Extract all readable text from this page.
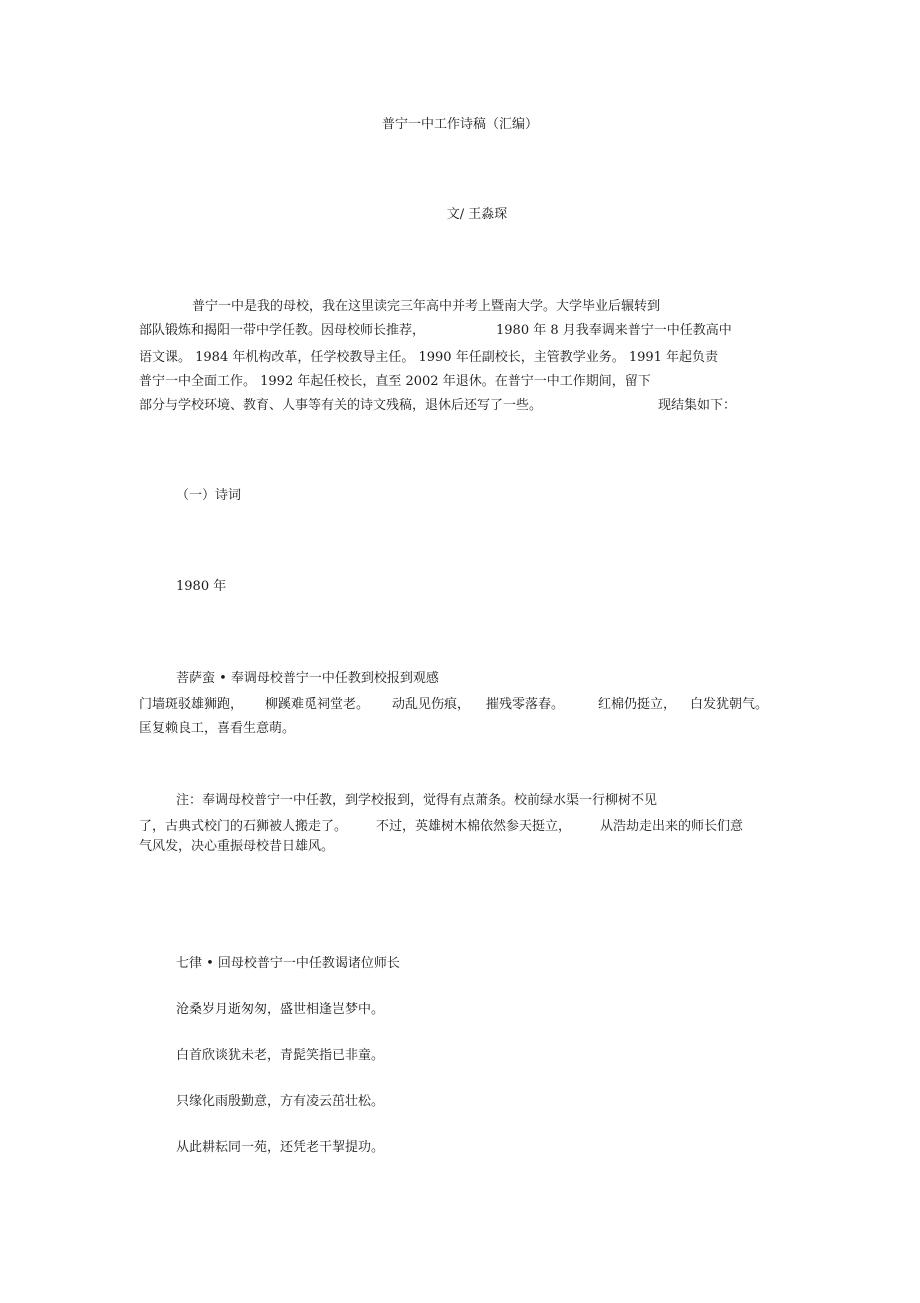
普宁一中工作诗稿（汇编）
文/ 王淼琛
普宁一中是我的母校，我在这里读完三年高中并考上暨南大学。大学毕业后辗转到
部队锻炼和揭阳一带中学任教。因母校师长推荐，	1980 年 8 月我奉调来普宁一中任教高中
语文课。 1984 年机构改革，任学校教导主任。 1990 年任副校长，主管教学业务。 1991 年起负责
普宁一中全面工作。 1992 年起任校长，直至 2002 年退休。在普宁一中工作期间，留下
部分与学校环境、教育、人事等有关的诗文残稿，退休后还写了一些。	现结集如下：
（一）诗词
1980 年
菩萨蛮 • 奉调母校普宁一中任教到校报到观感
门墙斑驳雄狮跑， 柳蹊难觅祠堂老。 动乱见伤痕， 摧残零落春。	红棉仍挺立， 白发犹朝气。
匡复赖良工，喜看生意萌。
注：奉调母校普宁一中任教，到学校报到，觉得有点萧条。校前绿水渠一行柳树不见
了，古典式校门的石狮被人搬走了。 不过，英雄树木棉依然参天挺立， 从浩劫走出来的师长们意
气风发，决心重振母校昔日雄风。
七律 • 回母校普宁一中任教谒诸位师长
沧桑岁月逝匆匆，盛世相逢岂梦中。
白首欣谈犹未老，青髭笑指已非童。
只缘化雨殷勤意，方有凌云茁壮松。
从此耕耘同一苑，还凭老干挈提功。
